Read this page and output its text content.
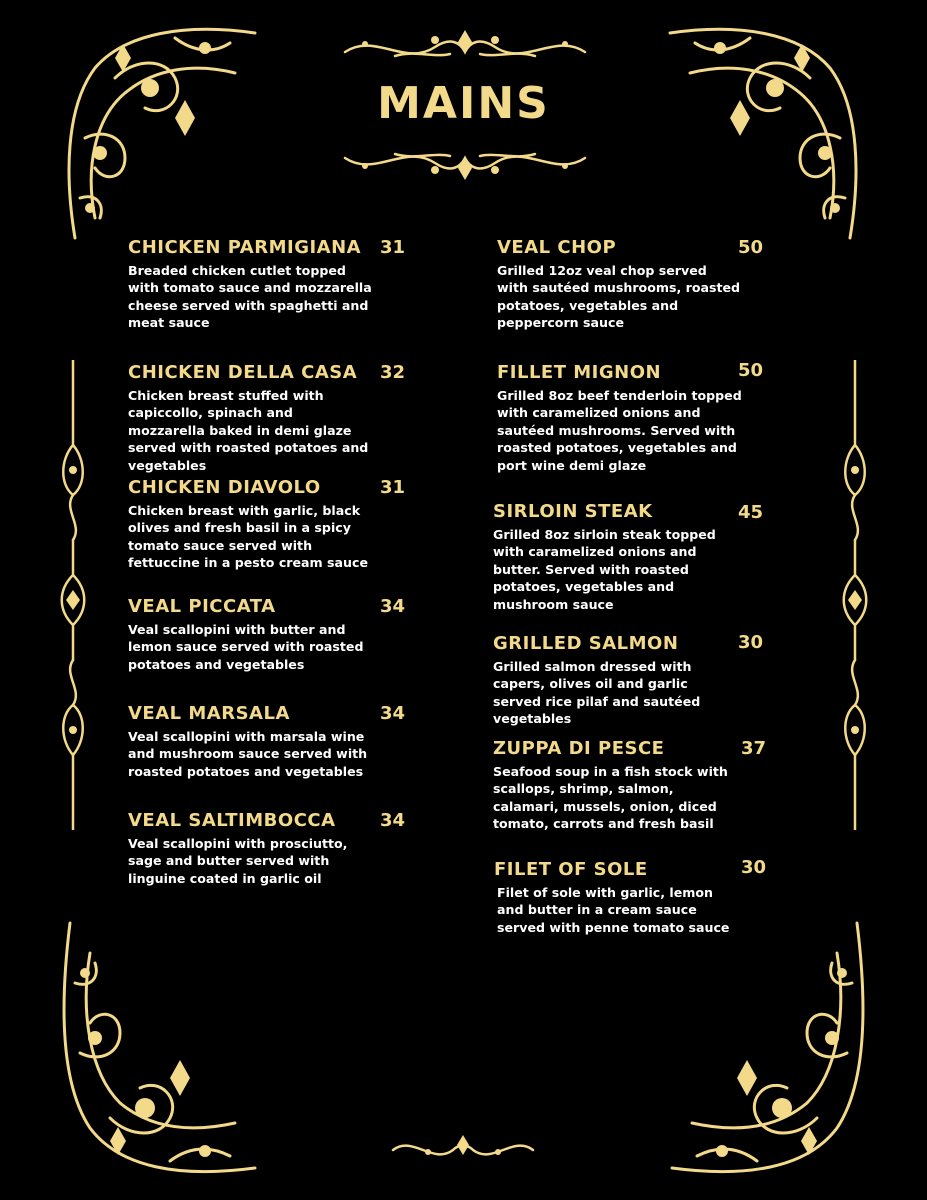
MAINS
CHICKEN PARMIGIANA
Breaded chicken cutlet topped with tomato sauce and mozzarella cheese served with spaghetti and meat sauce
31
CHICKEN DELLA CASA
Chicken breast stuffed with capiccollo, spinach and mozzarella baked in demi glaze served with roasted potatoes and vegetables
32
CHICKEN DIAVOLO
Chicken breast with garlic, black olives and fresh basil in a spicy tomato sauce served with fettuccine in a pesto cream sauce
31
VEAL PICCATA
Veal scallopini with butter and lemon sauce served with roasted potatoes and vegetables
34
VEAL MARSALA
Veal scallopini with marsala wine and mushroom sauce served with roasted potatoes and vegetables
34
VEAL SALTIMBOCCA
Veal scallopini with prosciutto, sage and butter served with linguine coated in garlic oil
34
VEAL CHOP
Grilled 12oz veal chop served with sautéed mushrooms, roasted potatoes, vegetables and peppercorn sauce
50
FILLET MIGNON
Grilled 8oz beef tenderloin topped with caramelized onions and sautéed mushrooms. Served with roasted potatoes, vegetables and port wine demi glaze
50
SIRLOIN STEAK
Grilled 8oz sirloin steak topped with caramelized onions and butter. Served with roasted potatoes, vegetables and mushroom sauce
45
GRILLED SALMON
Grilled salmon dressed with capers, olives oil and garlic served rice pilaf and sautéed vegetables
30
ZUPPA DI PESCE
Seafood soup in a fish stock with scallops, shrimp, salmon, calamari, mussels, onion, diced tomato, carrots and fresh basil
37
FILET OF SOLE
Filet of sole with garlic, lemon and butter in a cream sauce served with penne tomato sauce
30
